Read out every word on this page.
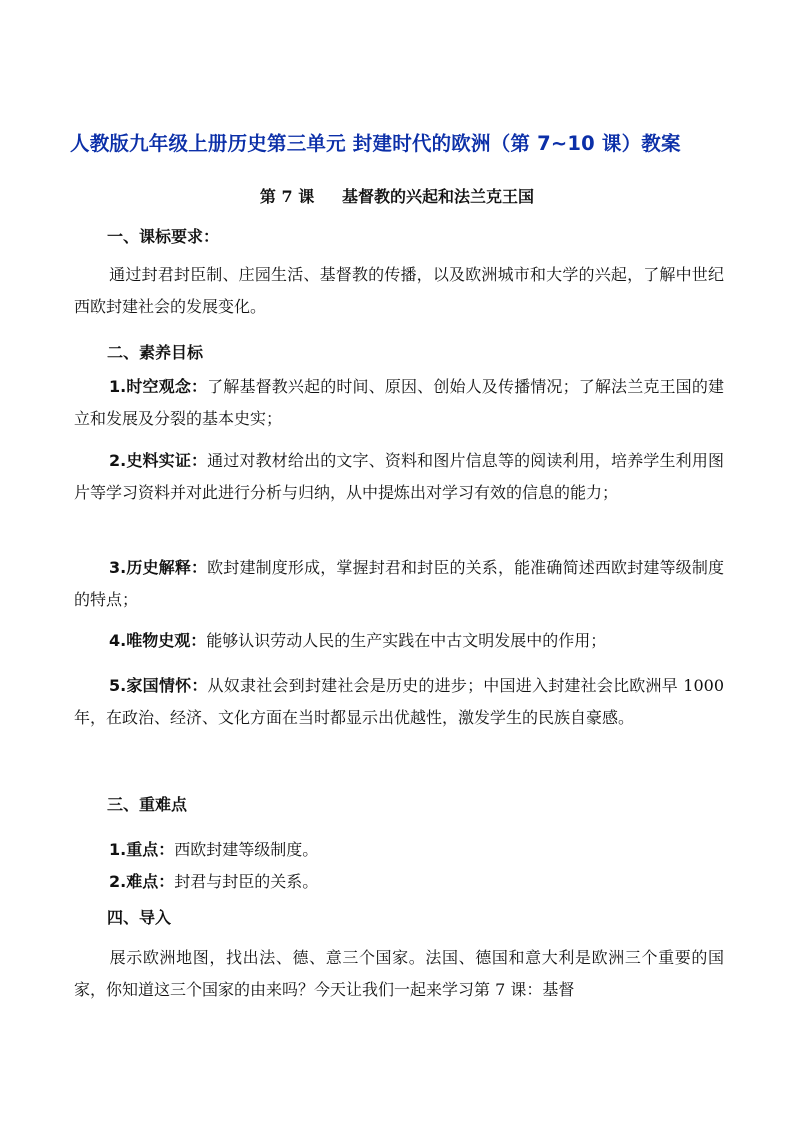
人教版九年级上册历史第三单元 封建时代的欧洲（第 7~10 课）教案
第 7 课     基督教的兴起和法兰克王国
一、课标要求：
通过封君封臣制、庄园生活、基督教的传播，以及欧洲城市和大学的兴起，了解中世纪西欧封建社会的发展变化。
二、素养目标
1.时空观念：了解基督教兴起的时间、原因、创始人及传播情况；了解法兰克王国的建立和发展及分裂的基本史实；
2.史料实证：通过对教材给出的文字、资料和图片信息等的阅读利用，培养学生利用图片等学习资料并对此进行分析与归纳，从中提炼出对学习有效的信息的能力；
3.历史解释：欧封建制度形成，掌握封君和封臣的关系，能准确简述西欧封建等级制度的特点；
4.唯物史观：能够认识劳动人民的生产实践在中古文明发展中的作用；
5.家国情怀：从奴隶社会到封建社会是历史的进步；中国进入封建社会比欧洲早 1000 年，在政治、经济、文化方面在当时都显示出优越性，激发学生的民族自豪感。
三、重难点
1.重点：西欧封建等级制度。
2.难点：封君与封臣的关系。
四、导入
展示欧洲地图，找出法、德、意三个国家。法国、德国和意大利是欧洲三个重要的国家，你知道这三个国家的由来吗？今天让我们一起来学习第 7 课：基督
